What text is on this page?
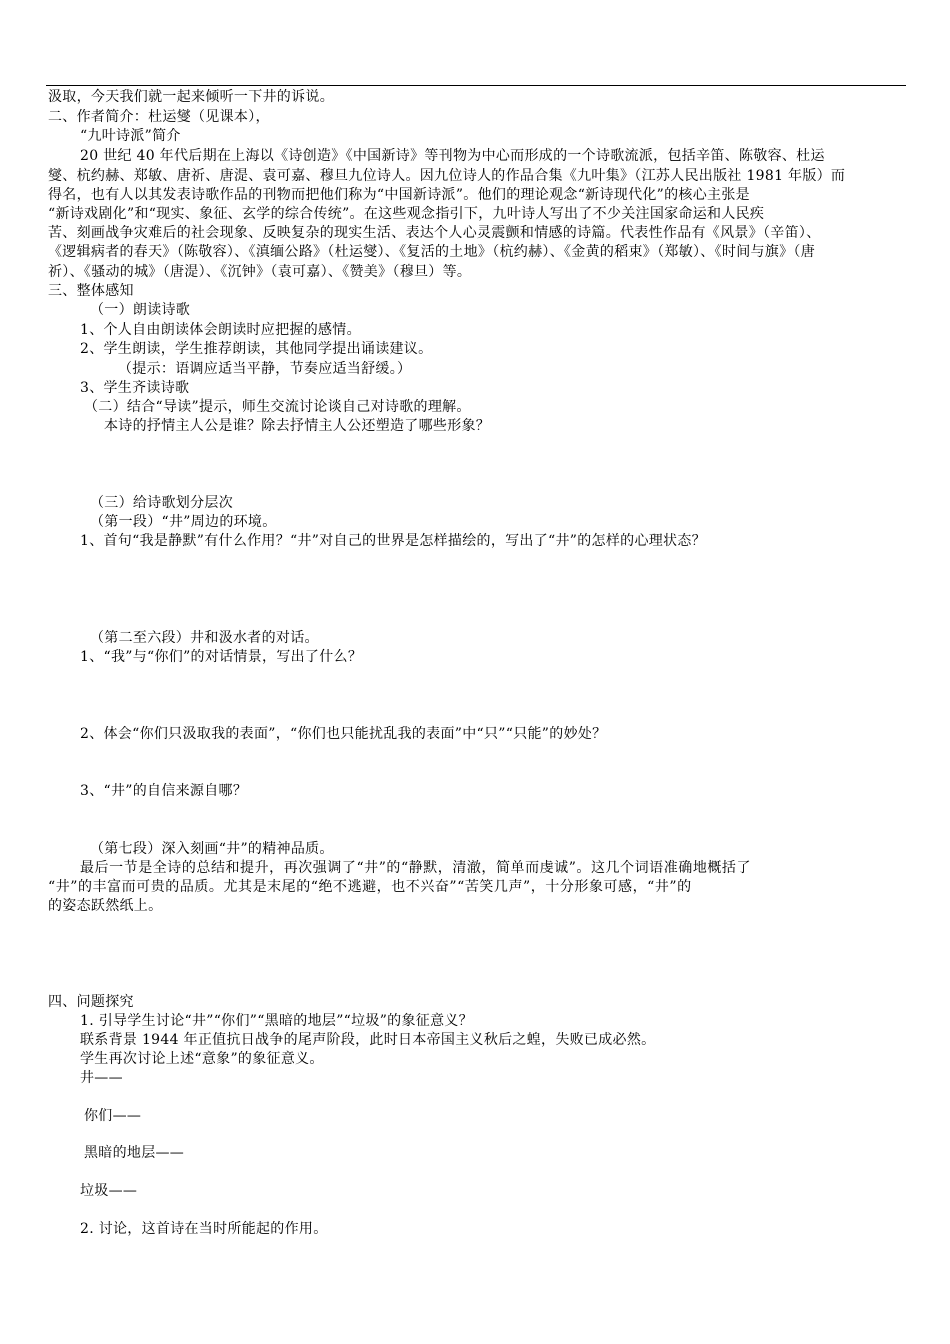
汲取，今天我们就一起来倾听一下井的诉说。
二、作者简介：杜运燮（见课本），
“九叶诗派”简介
20 世纪 40 年代后期在上海以《诗创造》《中国新诗》等刊物为中心而形成的一个诗歌流派，包括辛笛、陈敬容、杜运
燮、杭约赫、郑敏、唐祈、唐湜、袁可嘉、穆旦九位诗人。因九位诗人的作品合集《九叶集》（江苏人民出版社 1981 年版）而
得名，也有人以其发表诗歌作品的刊物而把他们称为“中国新诗派”。他们的理论观念“新诗现代化”的核心主张是
“新诗戏剧化”和“现实、象征、玄学的综合传统”。在这些观念指引下，九叶诗人写出了不少关注国家命运和人民疾
苦、刻画战争灾难后的社会现象、反映复杂的现实生活、表达个人心灵震颤和情感的诗篇。代表性作品有《风景》（辛笛）、
《逻辑病者的春天》（陈敬容）、《滇缅公路》（杜运燮）、《复活的土地》（杭约赫）、《金黄的稻束》（郑敏）、《时间与旗》（唐
祈）、《骚动的城》（唐湜）、《沉钟》（袁可嘉）、《赞美》（穆旦）等。
三、整体感知
（一）朗读诗歌
1、个人自由朗读体会朗读时应把握的感情。
2、学生朗读，学生推荐朗读，其他同学提出诵读建议。
（提示：语调应适当平静，节奏应适当舒缓。）
3、学生齐读诗歌
（二）结合“导读”提示，师生交流讨论谈自己对诗歌的理解。
本诗的抒情主人公是谁？除去抒情主人公还塑造了哪些形象？
（三）给诗歌划分层次
（第一段）“井”周边的环境。
1、首句“我是静默”有什么作用？“井”对自己的世界是怎样描绘的，写出了“井”的怎样的心理状态？
（第二至六段）井和汲水者的对话。
1、“我”与“你们”的对话情景，写出了什么？
2、体会“你们只汲取我的表面”，“你们也只能扰乱我的表面”中“只”“只能”的妙处？
3、“井”的自信来源自哪？
（第七段）深入刻画“井”的精神品质。
最后一节是全诗的总结和提升，再次强调了“井”的“静默，清澈，简单而虔诚”。这几个词语准确地概括了
“井”的丰富而可贵的品质。尤其是末尾的“绝不逃避，也不兴奋”“苦笑几声”，十分形象可感，“井”的
的姿态跃然纸上。
四、问题探究
1. 引导学生讨论“井”“你们”“黑暗的地层”“垃圾”的象征意义？
联系背景 1944 年正值抗日战争的尾声阶段，此时日本帝国主义秋后之蝗，失败已成必然。
学生再次讨论上述“意象”的象征意义。
井——
你们——
黑暗的地层——
垃圾——
2. 讨论，这首诗在当时所能起的作用。
